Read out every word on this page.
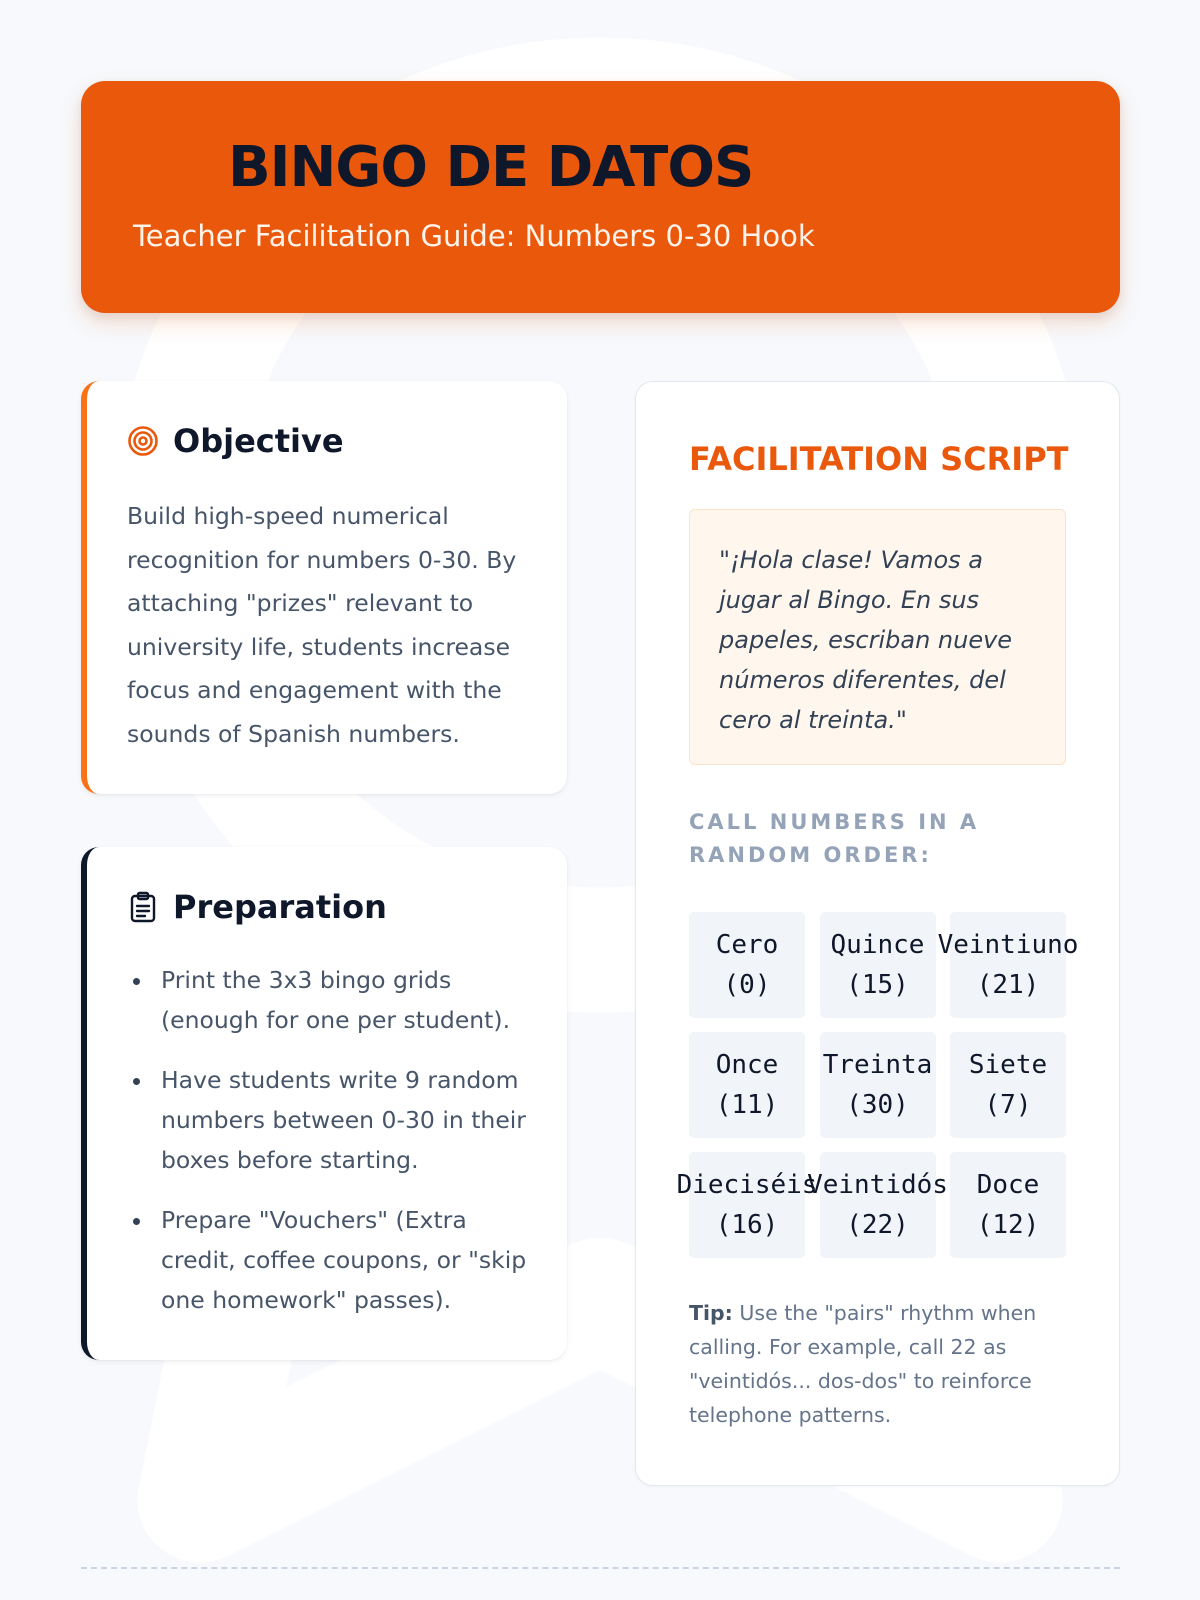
BINGO DE DATOS
Teacher Facilitation Guide: Numbers 0-30 Hook
Objective
Build high-speed numerical recognition for numbers 0-30. By attaching "prizes" relevant to university life, students increase focus and engagement with the sounds of Spanish numbers.
Preparation
Print the 3x3 bingo grids (enough for one per student).
Have students write 9 random numbers between 0-30 in their boxes before starting.
Prepare "Vouchers" (Extra credit, coffee coupons, or "skip one homework" passes).
FACILITATION SCRIPT
"¡Hola clase! Vamos a jugar al Bingo. En sus papeles, escriban nueve números diferentes, del cero al treinta."
CALL NUMBERS IN A RANDOM ORDER:
Cero
(0)
Quince
(15)
Veintiuno
(21)
Once
(11)
Treinta
(30)
Siete
(7)
Dieciséis
(16)
Veintidós
(22)
Doce
(12)
Tip: Use the "pairs" rhythm when calling. For example, call 22 as "veintidós... dos-dos" to reinforce telephone patterns.
